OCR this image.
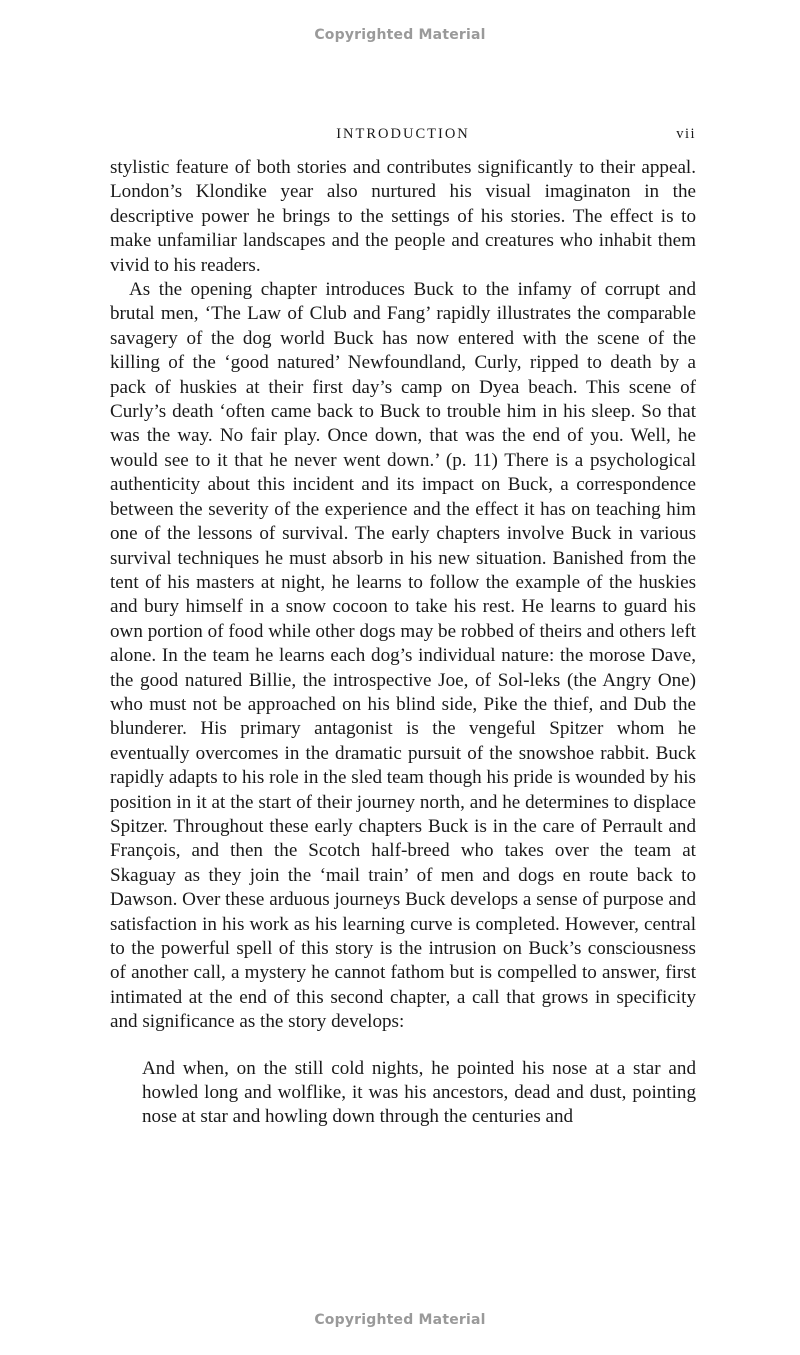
Copyrighted Material
INTRODUCTION	vii

stylistic feature of both stories and contributes significantly to their appeal. London’s Klondike year also nurtured his visual imaginaton in the descriptive power he brings to the settings of his stories. The effect is to make unfamiliar landscapes and the people and creatures who inhabit them vivid to his readers.

As the opening chapter introduces Buck to the infamy of corrupt and brutal men, ‘The Law of Club and Fang’ rapidly illustrates the comparable savagery of the dog world Buck has now entered with the scene of the killing of the ‘good natured’ Newfoundland, Curly, ripped to death by a pack of huskies at their first day’s camp on Dyea beach. This scene of Curly’s death ‘often came back to Buck to trouble him in his sleep. So that was the way. No fair play. Once down, that was the end of you. Well, he would see to it that he never went down.’ (p. 11) There is a psychological authenticity about this incident and its impact on Buck, a correspondence between the severity of the experience and the effect it has on teaching him one of the lessons of survival. The early chapters involve Buck in various survival techniques he must absorb in his new situation. Banished from the tent of his masters at night, he learns to follow the example of the huskies and bury himself in a snow cocoon to take his rest. He learns to guard his own portion of food while other dogs may be robbed of theirs and others left alone. In the team he learns each dog’s individual nature: the morose Dave, the good natured Billie, the introspective Joe, of Sol-leks (the Angry One) who must not be approached on his blind side, Pike the thief, and Dub the blunderer. His primary antagonist is the vengeful Spitzer whom he eventually overcomes in the dramatic pursuit of the snowshoe rabbit. Buck rapidly adapts to his role in the sled team though his pride is wounded by his position in it at the start of their journey north, and he determines to displace Spitzer. Throughout these early chapters Buck is in the care of Perrault and François, and then the Scotch half-breed who takes over the team at Skaguay as they join the ‘mail train’ of men and dogs en route back to Dawson. Over these arduous journeys Buck develops a sense of purpose and satisfaction in his work as his learning curve is completed. However, central to the powerful spell of this story is the intrusion on Buck’s consciousness of another call, a mystery he cannot fathom but is compelled to answer, first intimated at the end of this second chapter, a call that grows in specificity and significance as the story develops:

And when, on the still cold nights, he pointed his nose at a star and howled long and wolflike, it was his ancestors, dead and dust, pointing nose at star and howling down through the centuries and

Copyrighted Material
